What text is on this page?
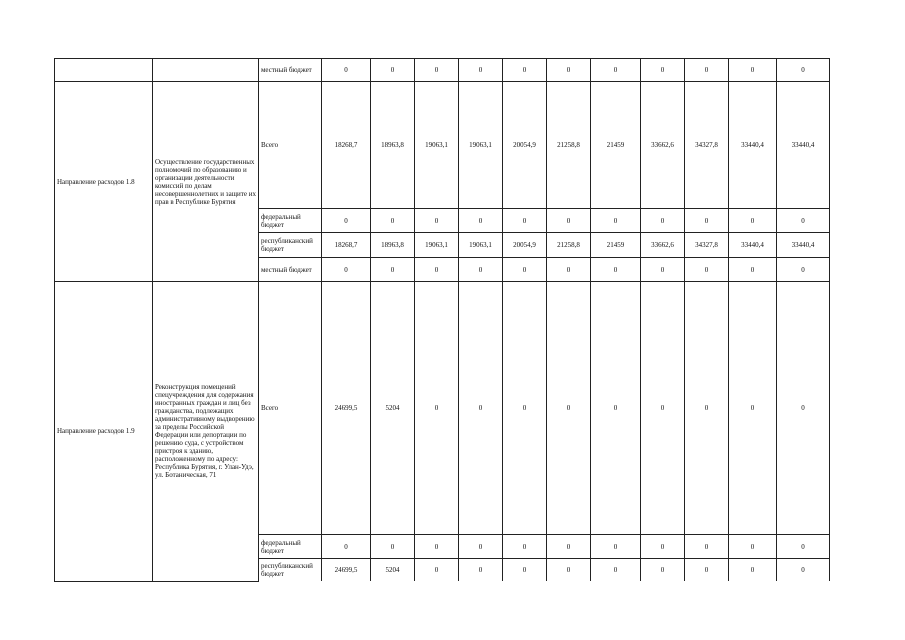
		местный бюджет	0	0	0	0	0	0	0	0	0	0	0
Направление расходов 1.8	Осуществление государственных полномочий по образованию и организации деятельности комиссий по делам несовершеннолетних и защите их прав в Республике Бурятия	Всего	18268,7	18963,8	19063,1	19063,1	20054,9	21258,8	21459	33662,6	34327,8	33440,4	33440,4
		федеральный бюджет	0	0	0	0	0	0	0	0	0	0	0
		республиканский бюджет	18268,7	18963,8	19063,1	19063,1	20054,9	21258,8	21459	33662,6	34327,8	33440,4	33440,4
		местный бюджет	0	0	0	0	0	0	0	0	0	0	0
Направление расходов 1.9	Реконструкция помещений спецучреждения для содержания иностранных граждан и лиц без гражданства, подлежащих административному выдворению за пределы Российской Федерации или депортации по решению суда, с устройством пристроя к зданию, расположенному по адресу: Республика Бурятия, г. Улан-Удэ, ул. Ботаническая, 71	Всего	24699,5	5204	0	0	0	0	0	0	0	0	0
		федеральный бюджет	0	0	0	0	0	0	0	0	0	0	0
		республиканский бюджет	24699,5	5204	0	0	0	0	0	0	0	0	0
